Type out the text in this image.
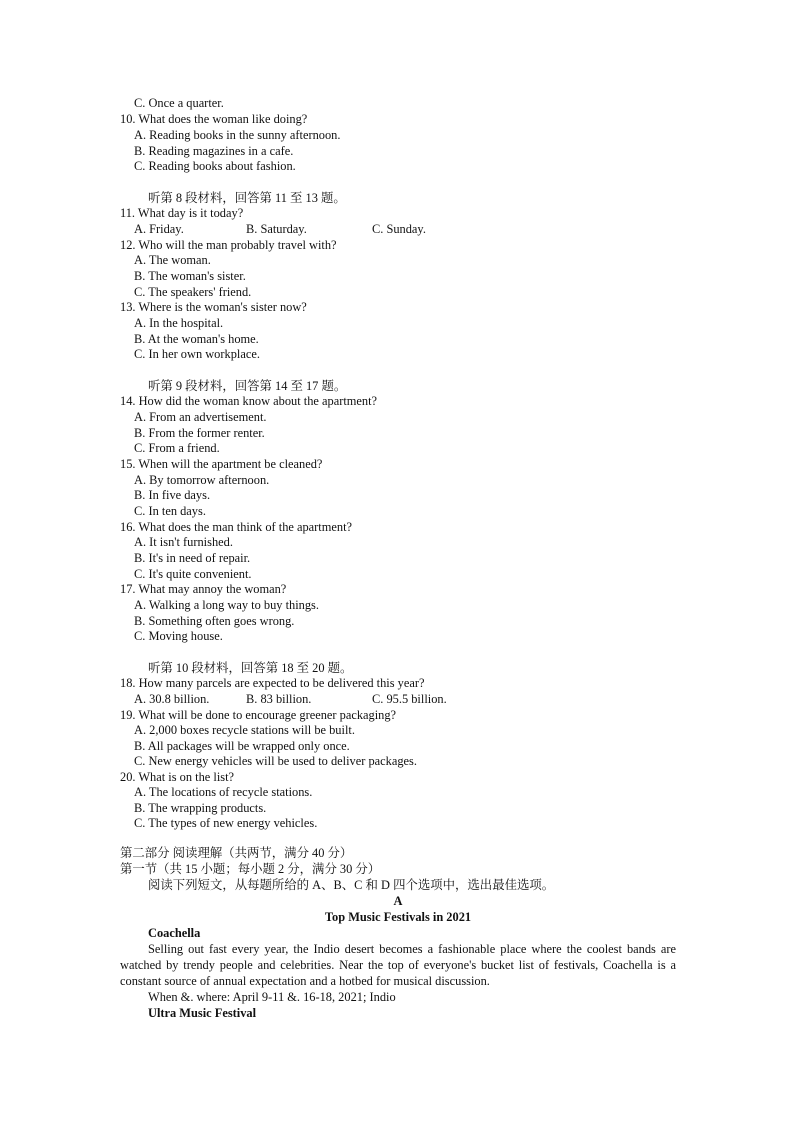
C. Once a quarter.
10. What does the woman like doing?
A. Reading books in the sunny afternoon.
B. Reading magazines in a cafe.
C. Reading books about fashion.
听第 8 段材料，回答第 11 至 13 题。
11. What day is it today?
A. Friday.	B. Saturday.	C. Sunday.
12. Who will the man probably travel with?
A. The woman.
B. The woman's sister.
C. The speakers' friend.
13. Where is the woman's sister now?
A. In the hospital.
B. At the woman's home.
C. In her own workplace.
听第 9 段材料，回答第 14 至 17 题。
14. How did the woman know about the apartment?
A. From an advertisement.
B. From the former renter.
C. From a friend.
15. When will the apartment be cleaned?
A. By tomorrow afternoon.
B. In five days.
C. In ten days.
16. What does the man think of the apartment?
A. It isn't furnished.
B. It's in need of repair.
C. It's quite convenient.
17. What may annoy the woman?
A. Walking a long way to buy things.
B. Something often goes wrong.
C. Moving house.
听第 10 段材料，回答第 18 至 20 题。
18. How many parcels are expected to be delivered this year?
A. 30.8 billion.	B. 83 billion.	C. 95.5 billion.
19. What will be done to encourage greener packaging?
A. 2,000 boxes recycle stations will be built.
B. All packages will be wrapped only once.
C. New energy vehicles will be used to deliver packages.
20. What is on the list?
A. The locations of recycle stations.
B. The wrapping products.
C. The types of new energy vehicles.
第二部分 阅读理解（共两节，满分 40 分）
第一节（共 15 小题；每小题 2 分，满分 30 分）
阅读下列短文，从每题所给的 A、B、C 和 D 四个选项中，选出最佳选项。
A
Top Music Festivals in 2021
Coachella
Selling out fast every year, the Indio desert becomes a fashionable place where the coolest bands are watched by trendy people and celebrities. Near the top of everyone's bucket list of festivals, Coachella is a constant source of annual expectation and a hotbed for musical discussion.
When &. where: April 9-11 &. 16-18, 2021; Indio
Ultra Music Festival
